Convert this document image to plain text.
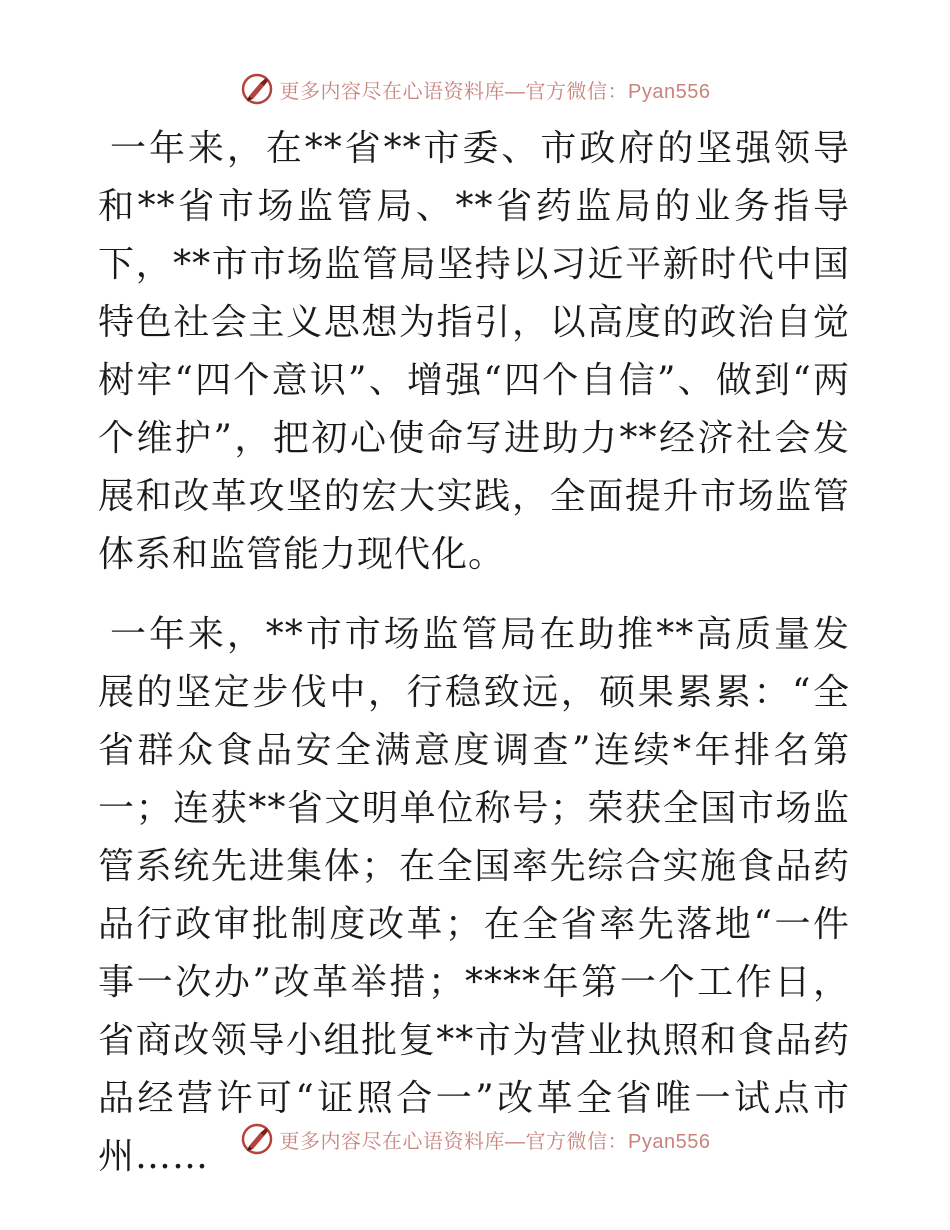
更多内容尽在心语资料库—官方微信：Pyan556

一年来，在**省**市委、市政府的坚强领导和**省市场监管局、**省药监局的业务指导下，**市市场监管局坚持以习近平新时代中国特色社会主义思想为指引，以高度的政治自觉树牢“四个意识”、增强“四个自信”、做到“两个维护”，把初心使命写进助力**经济社会发展和改革攻坚的宏大实践，全面提升市场监管体系和监管能力现代化。

一年来，**市市场监管局在助推**高质量发展的坚定步伐中，行稳致远，硕果累累：“全省群众食品安全满意度调查”连续*年排名第一；连获**省文明单位称号；荣获全国市场监管系统先进集体；在全国率先综合实施食品药品行政审批制度改革；在全省率先落地“一件事一次办”改革举措；****年第一个工作日，省商改领导小组批复**市为营业执照和食品药品经营许可“证照合一”改革全省唯一试点市州……	更多内容尽在心语资料库—官方微信：Pyan556
